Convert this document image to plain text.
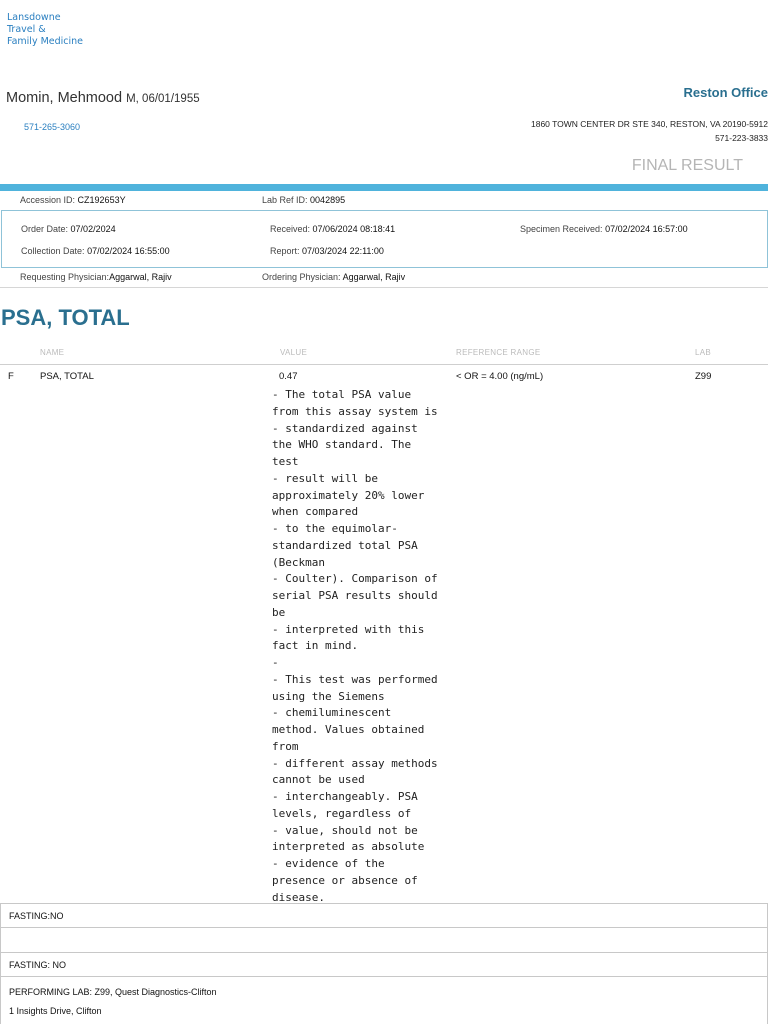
Lansdowne
Travel &
Family Medicine
Momin, Mehmood M, 06/01/1955
571-265-3060
Reston Office
1860 TOWN CENTER DR STE 340, RESTON, VA 20190-5912
571-223-3833
FINAL RESULT
Accession ID: CZ192653Y	Lab Ref ID: 0042895
Order Date: 07/02/2024	Received: 07/06/2024 08:18:41	Specimen Received: 07/02/2024 16:57:00
Collection Date: 07/02/2024 16:55:00	Report: 07/03/2024 22:11:00
Requesting Physician:Aggarwal, Rajiv	Ordering Physician: Aggarwal, Rajiv
PSA, TOTAL
NAME	VALUE	REFERENCE RANGE	LAB
F	PSA, TOTAL	0.47	< OR = 4.00 (ng/mL)	Z99
- The total PSA value
from this assay system is
- standardized against
the WHO standard. The
test
- result will be
approximately 20% lower
when compared
- to the equimolar-
standardized total PSA
(Beckman
- Coulter). Comparison of
serial PSA results should
be
- interpreted with this
fact in mind.
-
- This test was performed
using the Siemens
- chemiluminescent
method. Values obtained
from
- different assay methods
cannot be used
- interchangeably. PSA
levels, regardless of
- value, should not be
interpreted as absolute
- evidence of the
presence or absence of
disease.
FASTING:NO
FASTING: NO
PERFORMING LAB: Z99, Quest Diagnostics-Clifton
1 Insights Drive, Clifton
